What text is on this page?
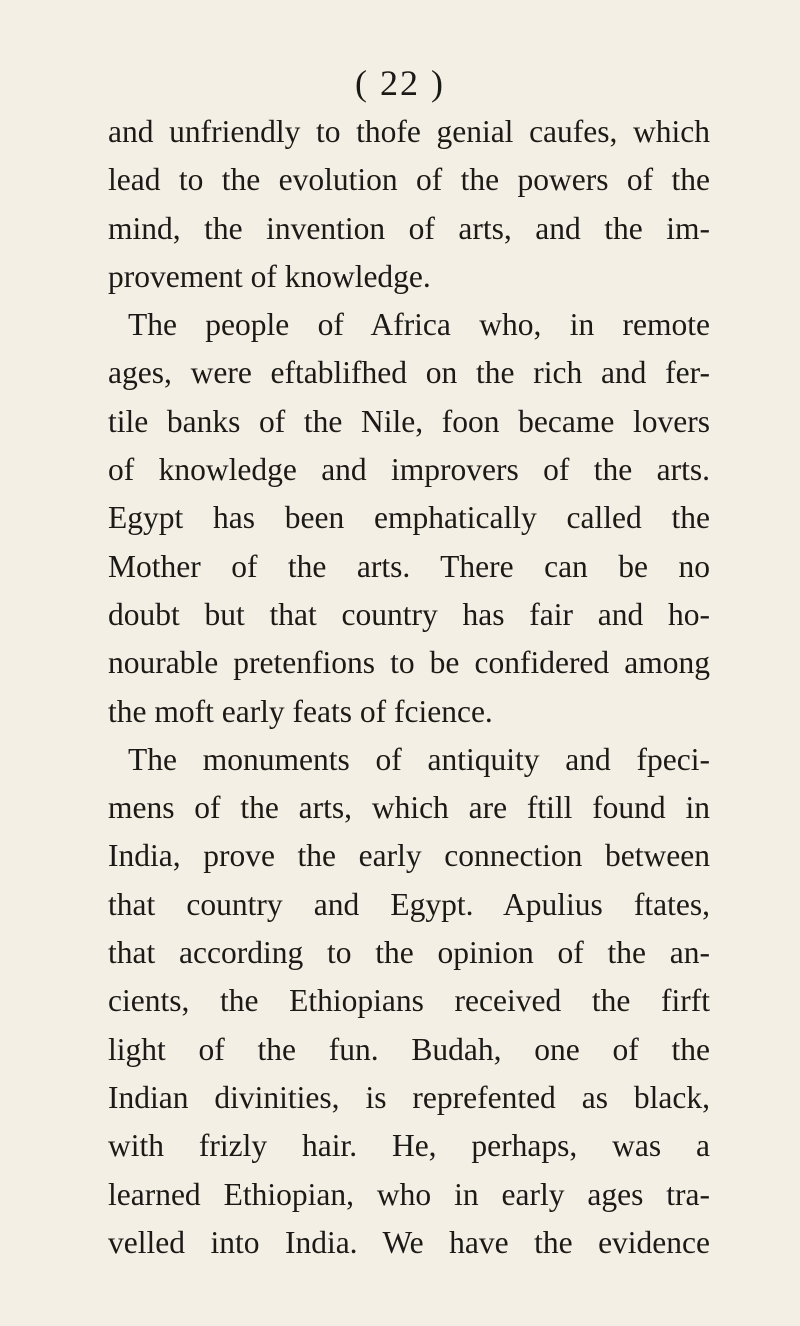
( 22 )
and unfriendly to thofe genial caufes, which
lead to the evolution of the powers of the
mind, the invention of arts, and the im-
provement of knowledge.
The people of Africa who, in remote
ages, were eftablifhed on the rich and fer-
tile banks of the Nile, foon became lovers
of knowledge and improvers of the arts.
Egypt has been emphatically called the
Mother of the arts. There can be no
doubt but that country has fair and ho-
nourable pretenfions to be confidered among
the moft early feats of fcience.
The monuments of antiquity and fpeci-
mens of the arts, which are ftill found in
India, prove the early connection between
that country and Egypt. Apulius ftates,
that according to the opinion of the an-
cients, the Ethiopians received the firft
light of the fun. Budah, one of the
Indian divinities, is reprefented as black,
with frizly hair. He, perhaps, was a
learned Ethiopian, who in early ages tra-
velled into India. We have the evidence
